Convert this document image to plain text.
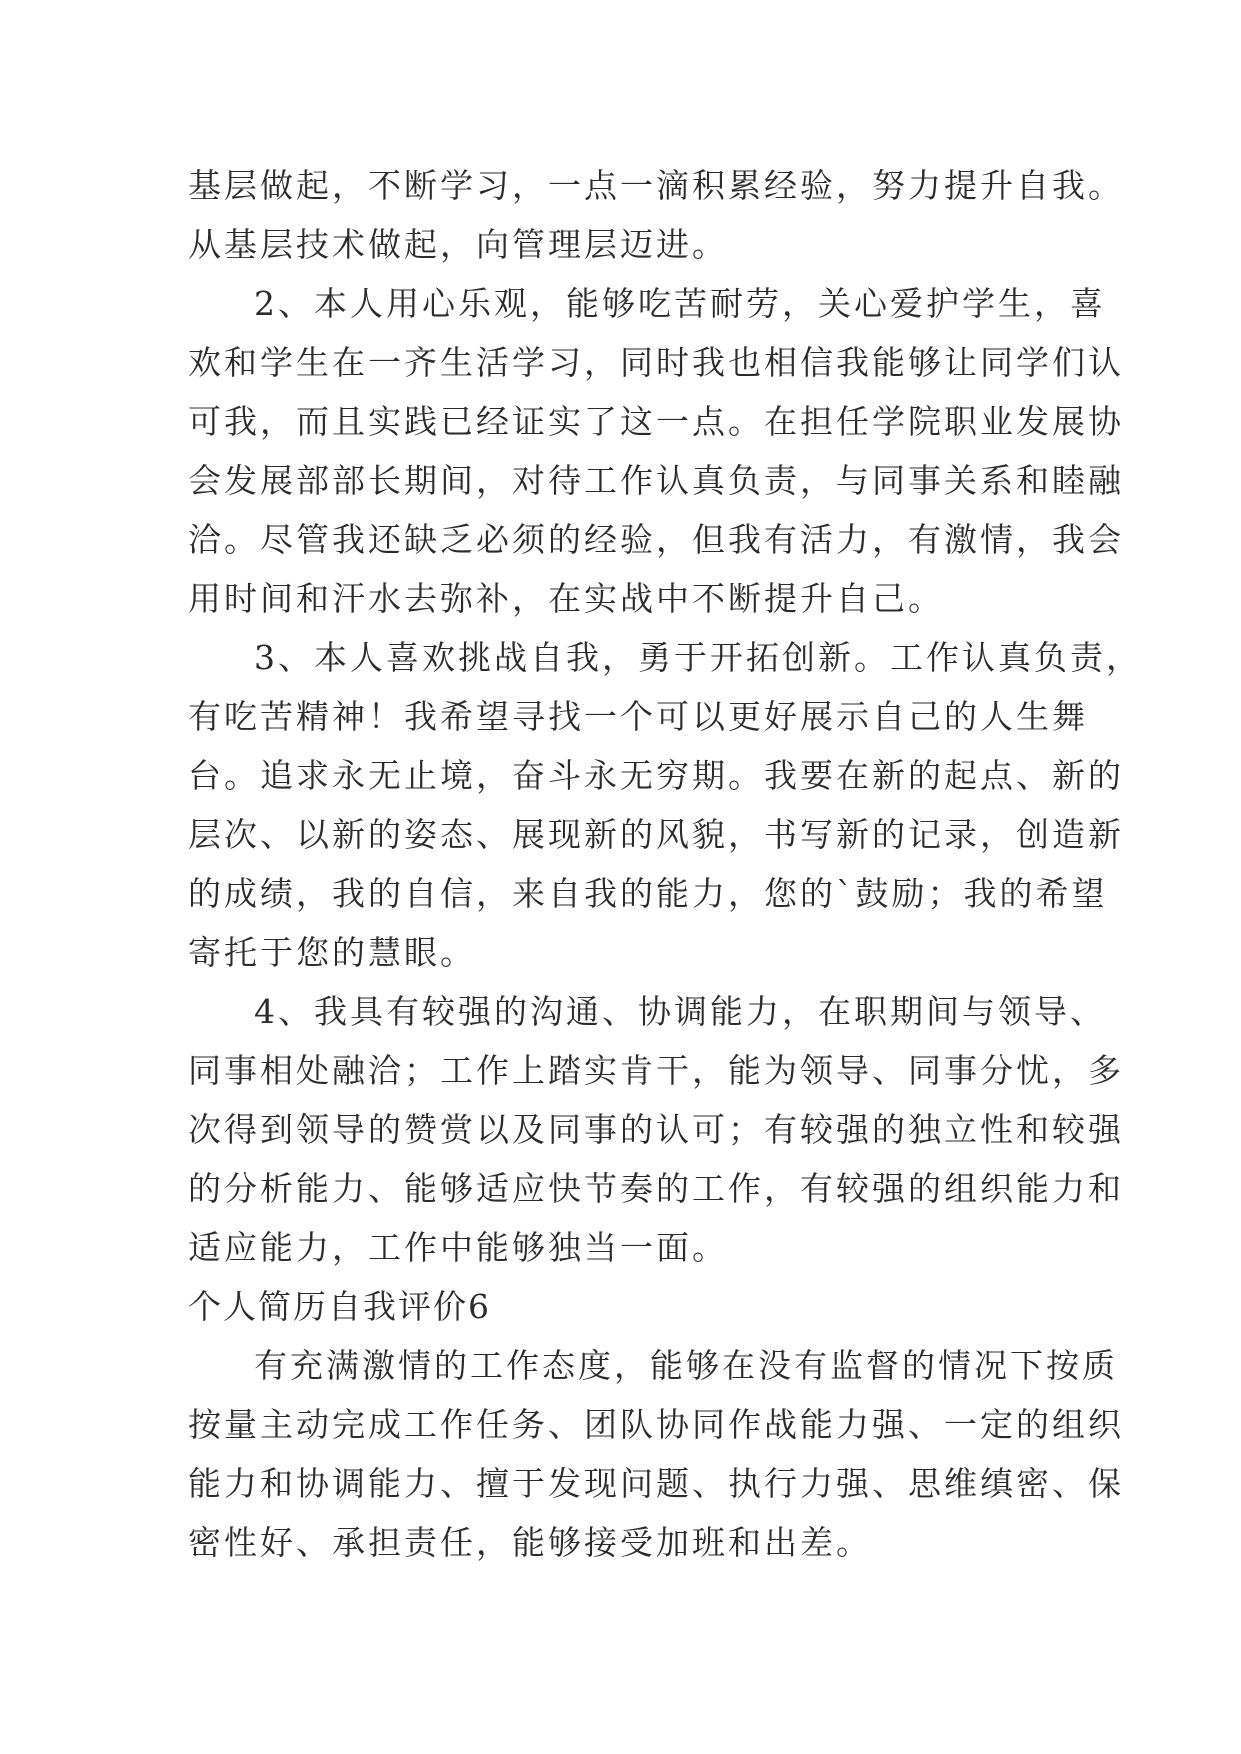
基层做起，不断学习，一点一滴积累经验，努力提升自我。
从基层技术做起，向管理层迈进。
2、本人用心乐观，能够吃苦耐劳，关心爱护学生，喜
欢和学生在一齐生活学习，同时我也相信我能够让同学们认
可我，而且实践已经证实了这一点。在担任学院职业发展协
会发展部部长期间，对待工作认真负责，与同事关系和睦融
洽。尽管我还缺乏必须的经验，但我有活力，有激情，我会
用时间和汗水去弥补，在实战中不断提升自己。
3、本人喜欢挑战自我，勇于开拓创新。工作认真负责，
有吃苦精神！我希望寻找一个可以更好展示自己的人生舞
台。追求永无止境，奋斗永无穷期。我要在新的起点、新的
层次、以新的姿态、展现新的风貌，书写新的记录，创造新
的成绩，我的自信，来自我的能力，您的`鼓励；我的希望
寄托于您的慧眼。
4、我具有较强的沟通、协调能力，在职期间与领导、
同事相处融洽；工作上踏实肯干，能为领导、同事分忧，多
次得到领导的赞赏以及同事的认可；有较强的独立性和较强
的分析能力、能够适应快节奏的工作，有较强的组织能力和
适应能力，工作中能够独当一面。
个人简历自我评价6
有充满激情的工作态度，能够在没有监督的情况下按质
按量主动完成工作任务、团队协同作战能力强、一定的组织
能力和协调能力、擅于发现问题、执行力强、思维缜密、保
密性好、承担责任，能够接受加班和出差。
